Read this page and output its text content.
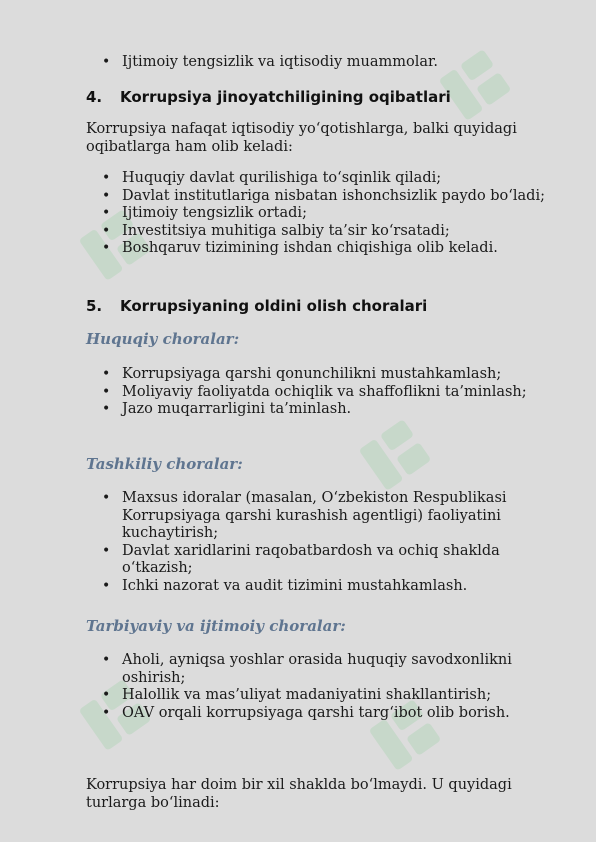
• Ijtimoiy tengsizlik va iqtisodiy muammolar.
4. Korrupsiya jinoyatchiligining oqibatlari
Korrupsiya nafaqat iqtisodiy yo‘qotishlarga, balki quyidagi oqibatlarga ham olib keladi:
• Huquqiy davlat qurilishiga to‘sqinlik qiladi;
• Davlat institutlariga nisbatan ishonchsizlik paydo bo‘ladi;
• Ijtimoiy tengsizlik ortadi;
• Investitsiya muhitiga salbiy ta’sir ko‘rsatadi;
• Boshqaruv tizimining ishdan chiqishiga olib keladi.
5. Korrupsiyaning oldini olish choralari
Huquqiy choralar:
• Korrupsiyaga qarshi qonunchilikni mustahkamlash;
• Moliyaviy faoliyatda ochiqlik va shaffoflikni ta’minlash;
• Jazo muqarrarligini ta’minlash.
Tashkiliy choralar:
• Maxsus idoralar (masalan, O‘zbekiston Respublikasi Korrupsiyaga qarshi kurashish agentligi) faoliyatini kuchaytirish;
• Davlat xaridlarini raqobatbardosh va ochiq shaklda o‘tkazish;
• Ichki nazorat va audit tizimini mustahkamlash.
Tarbiyaviy va ijtimoiy choralar:
• Aholi, ayniqsa yoshlar orasida huquqiy savodxonlikni oshirish;
• Halollik va mas’uliyat madaniyatini shakllantirish;
• OAV orqali korrupsiyaga qarshi targ‘ibot olib borish.
Korrupsiya har doim bir xil shaklda bo‘lmaydi. U quyidagi turlarga bo‘linadi:
